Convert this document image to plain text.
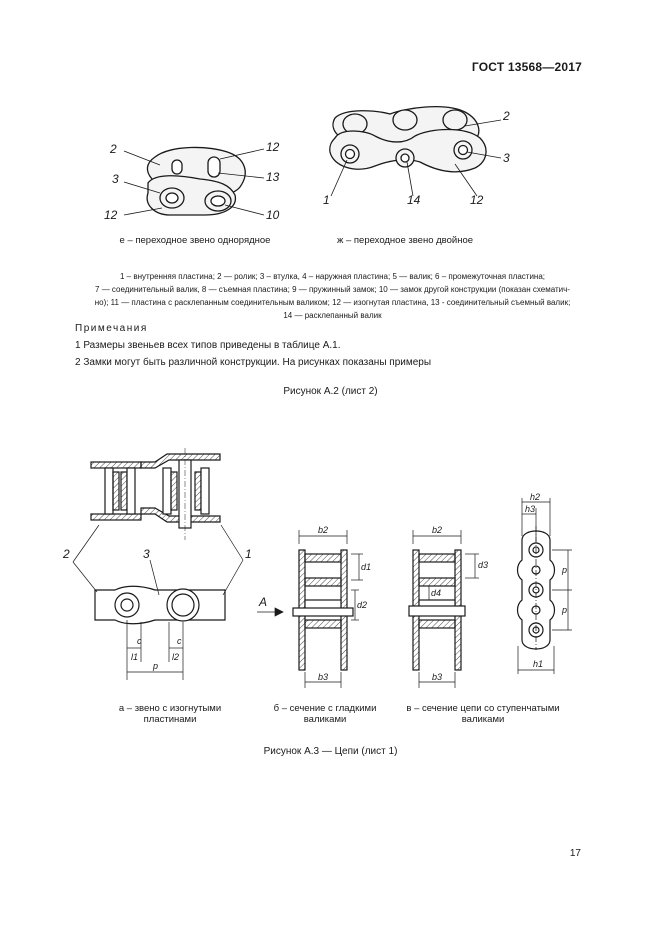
ГОСТ 13568—2017
2
3
12
12
13
10
е – переходное звено однорядное
2
3
1	14	12
ж – переходное звено двойное
1 – внутренняя пластина; 2 — ролик; 3 – втулка, 4 – наружная пластина; 5 — валик; 6 – промежуточная пластина;
7 — соединительный валик, 8 — съемная пластина; 9 — пружинный замок; 10 — замок другой конструкции (показан схематич-
но); 11 — пластина с расклепанным соединительным валиком; 12 — изогнутая пластина, 13 - соединительный съемный валик;
14 — расклепанный валик
Примечания
1 Размеры звеньев всех типов приведены в таблице А.1.
2 Замки могут быть различной конструкции. На рисунках показаны примеры
Рисунок А.2 (лист 2)
2	3	1
c	c
l1	l2
p
а – звено с изогнутыми
пластинами
А
b2
b3
d1
d2
б – сечение с гладкими
валиками
b2
b3
d3
d4
в – сечение цепи со ступенчатыми
валиками
h2
h3
p
p
h1
Рисунок А.3 — Цепи (лист 1)
17
